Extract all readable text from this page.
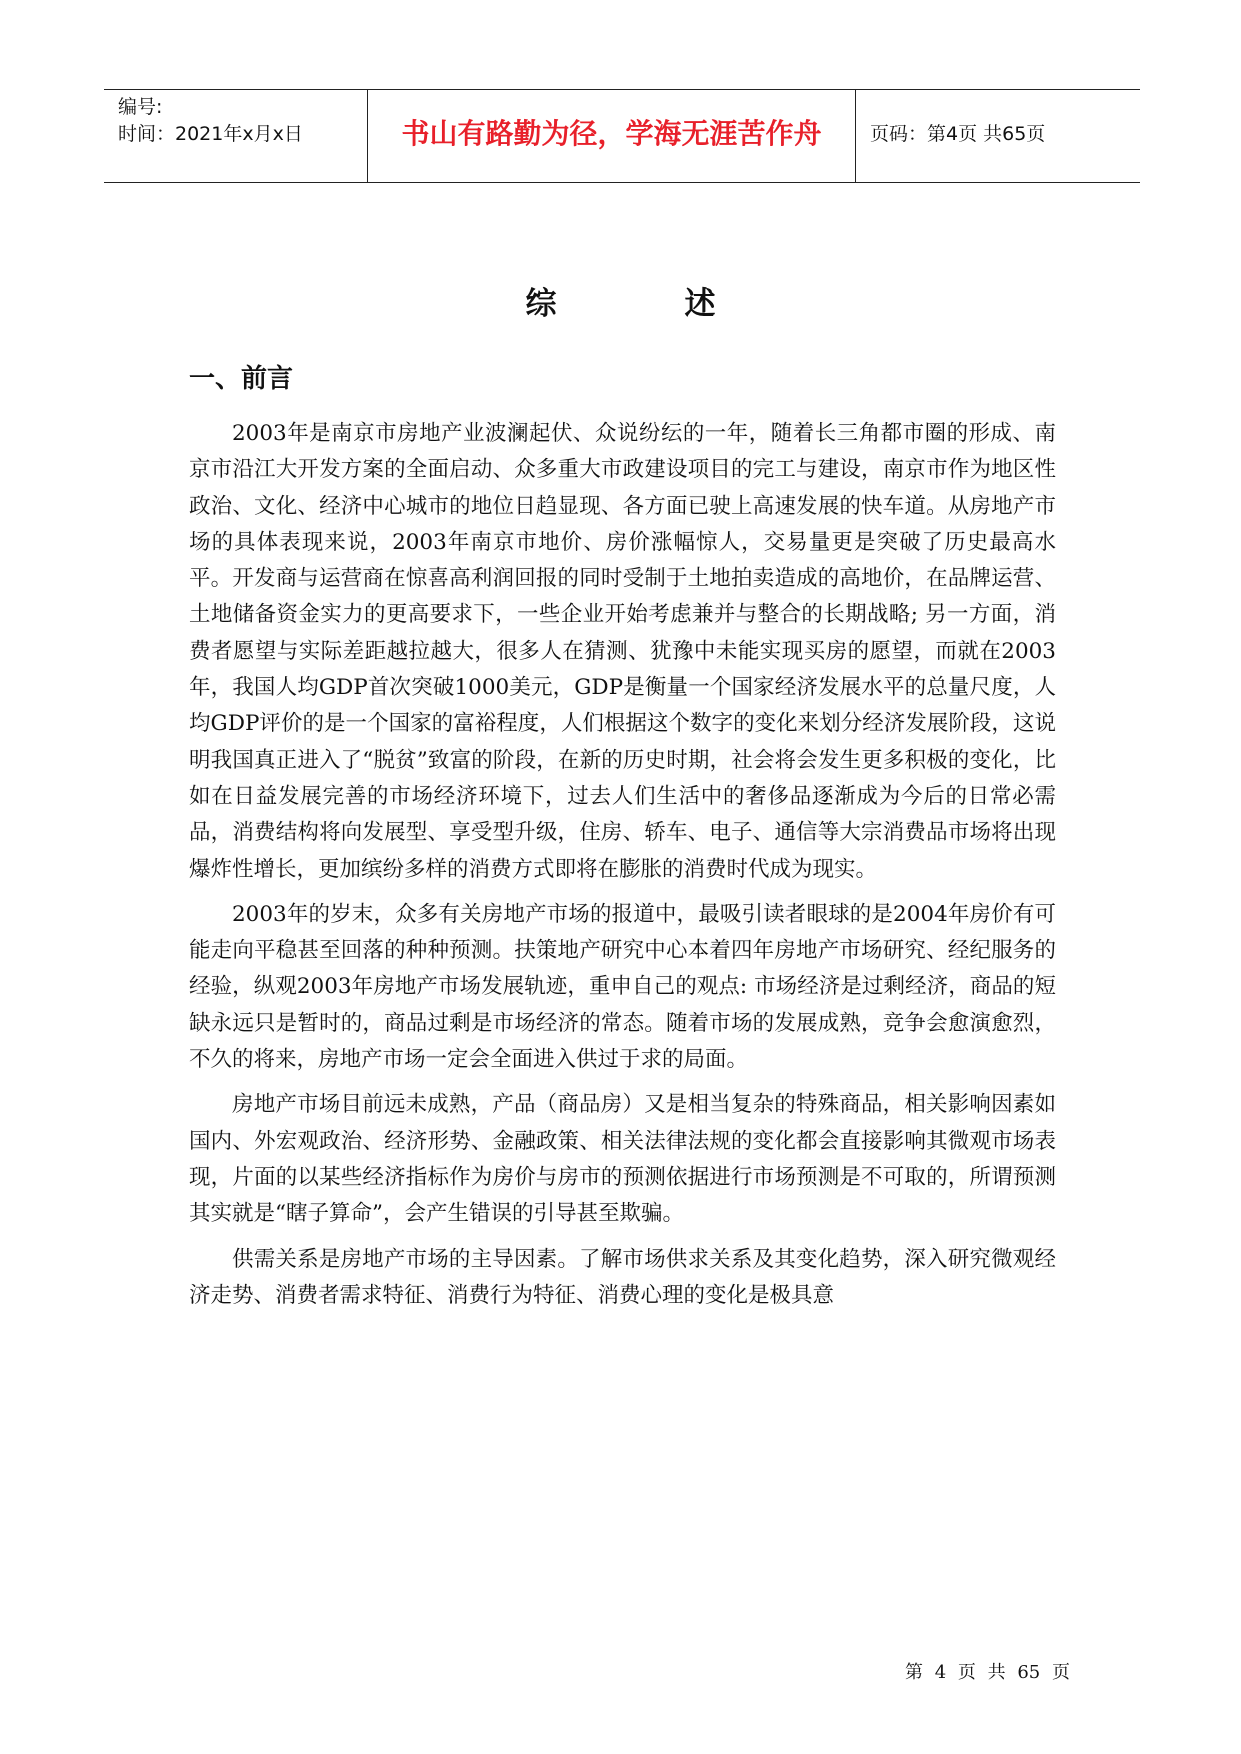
编号:
时间：2021年x月x日	书山有路勤为径，学海无涯苦作舟	页码：第4页 共65页
综	述
一、前言

2003年是南京市房地产业波澜起伏、众说纷纭的一年，随着长三角都市圈的形成、南京市沿江大开发方案的全面启动、众多重大市政建设项目的完工与建设，南京市作为地区性政治、文化、经济中心城市的地位日趋显现、各方面已驶上高速发展的快车道。从房地产市场的具体表现来说，2003年南京市地价、房价涨幅惊人，交易量更是突破了历史最高水平。开发商与运营商在惊喜高利润回报的同时受制于土地拍卖造成的高地价，在品牌运营、土地储备资金实力的更高要求下，一些企业开始考虑兼并与整合的长期战略; 另一方面，消费者愿望与实际差距越拉越大，很多人在猜测、犹豫中未能实现买房的愿望，而就在2003年，我国人均GDP首次突破1000美元，GDP是衡量一个国家经济发展水平的总量尺度，人均GDP评价的是一个国家的富裕程度，人们根据这个数字的变化来划分经济发展阶段，这说明我国真正进入了“脱贫”致富的阶段，在新的历史时期，社会将会发生更多积极的变化，比如在日益发展完善的市场经济环境下，过去人们生活中的奢侈品逐渐成为今后的日常必需品，消费结构将向发展型、享受型升级，住房、轿车、电子、通信等大宗消费品市场将出现爆炸性增长，更加缤纷多样的消费方式即将在膨胀的消费时代成为现实。

2003年的岁末，众多有关房地产市场的报道中，最吸引读者眼球的是2004年房价有可能走向平稳甚至回落的种种预测。扶策地产研究中心本着四年房地产市场研究、经纪服务的经验，纵观2003年房地产市场发展轨迹，重申自己的观点: 市场经济是过剩经济，商品的短缺永远只是暂时的，商品过剩是市场经济的常态。随着市场的发展成熟，竞争会愈演愈烈，不久的将来，房地产市场一定会全面进入供过于求的局面。

房地产市场目前远未成熟，产品（商品房）又是相当复杂的特殊商品，相关影响因素如国内、外宏观政治、经济形势、金融政策、相关法律法规的变化都会直接影响其微观市场表现，片面的以某些经济指标作为房价与房市的预测依据进行市场预测是不可取的，所谓预测其实就是“瞎子算命”，会产生错误的引导甚至欺骗。

供需关系是房地产市场的主导因素。了解市场供求关系及其变化趋势，深入研究微观经济走势、消费者需求特征、消费行为特征、消费心理的变化是极具意

第 4 页 共 65 页
